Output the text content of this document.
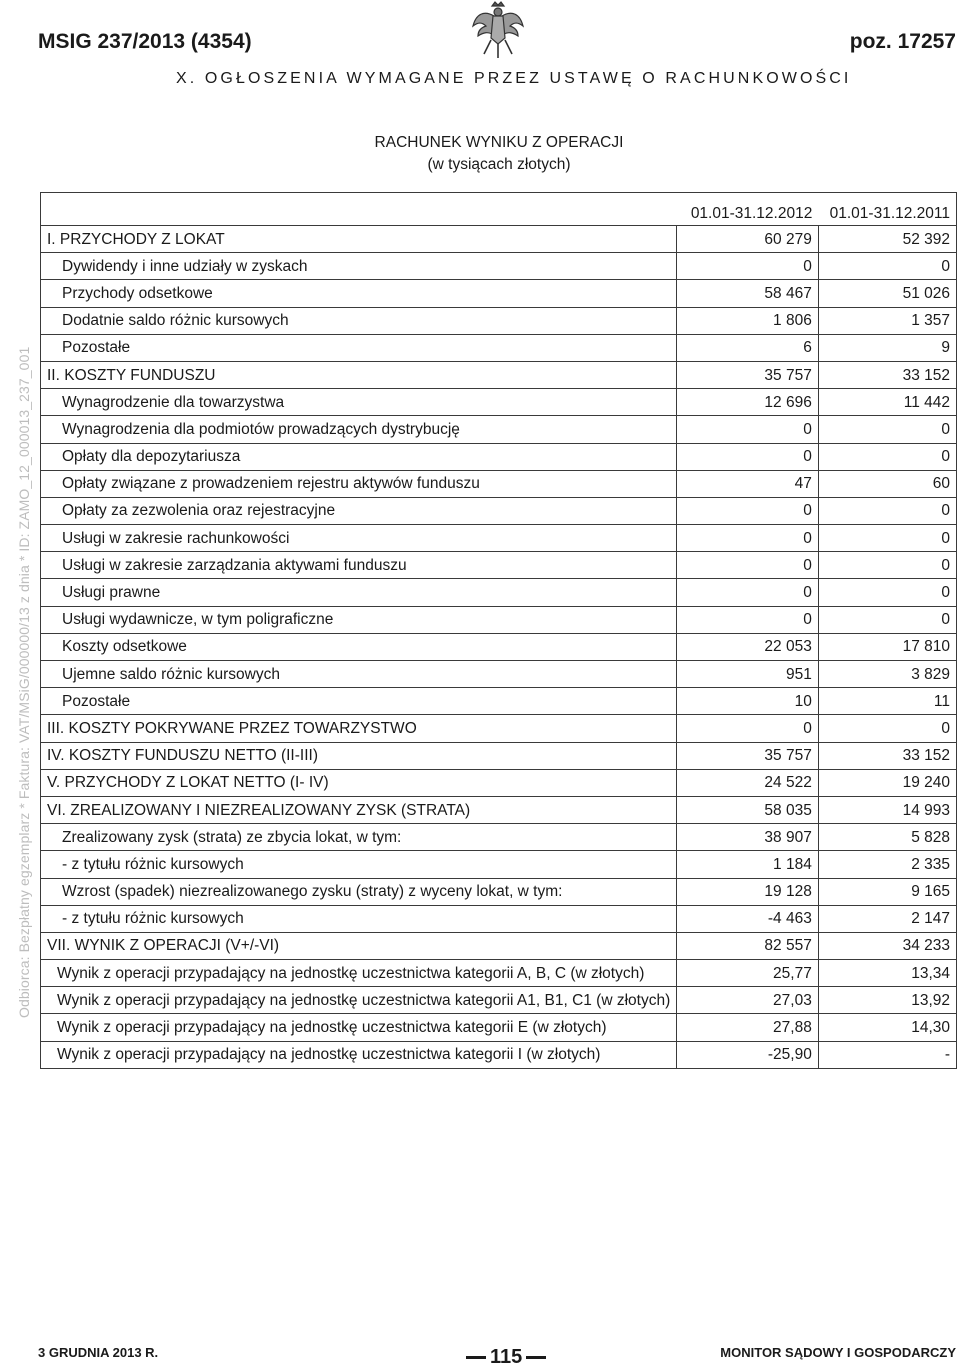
MSIG 237/2013 (4354)	poz. 17257
X. OGŁOSZENIA WYMAGANE PRZEZ USTAWĘ O RACHUNKOWOŚCI
Odbiorca: Bezpłatny egzemplarz * Faktura: VAT/MSiG/000000/13 z dnia * ID: ZAMO_12_000013_237_001
RACHUNEK WYNIKU Z OPERACJI
(w tysiącach złotych)
	01.01-31.12.2012	01.01-31.12.2011
I. PRZYCHODY Z LOKAT	60 279	52 392
Dywidendy i inne udziały w zyskach	0	0
Przychody odsetkowe	58 467	51 026
Dodatnie saldo różnic kursowych	1 806	1 357
Pozostałe	6	9
II. KOSZTY FUNDUSZU	35 757	33 152
Wynagrodzenie dla towarzystwa	12 696	11 442
Wynagrodzenia dla podmiotów prowadzących dystrybucję	0	0
Opłaty dla depozytariusza	0	0
Opłaty związane z prowadzeniem rejestru aktywów funduszu	47	60
Opłaty za zezwolenia oraz rejestracyjne	0	0
Usługi w zakresie rachunkowości	0	0
Usługi w zakresie zarządzania aktywami funduszu	0	0
Usługi prawne	0	0
Usługi wydawnicze, w tym poligraficzne	0	0
Koszty odsetkowe	22 053	17 810
Ujemne saldo różnic kursowych	951	3 829
Pozostałe	10	11
III. KOSZTY POKRYWANE PRZEZ TOWARZYSTWO	0	0
IV. KOSZTY FUNDUSZU NETTO (II-III)	35 757	33 152
V. PRZYCHODY Z LOKAT NETTO (I- IV)	24 522	19 240
VI. ZREALIZOWANY I NIEZREALIZOWANY ZYSK (STRATA)	58 035	14 993
Zrealizowany zysk (strata) ze zbycia lokat, w tym:	38 907	5 828
- z tytułu różnic kursowych	1 184	2 335
Wzrost (spadek) niezrealizowanego zysku (straty) z wyceny lokat, w tym:	19 128	9 165
- z tytułu różnic kursowych	-4 463	2 147
VII. WYNIK Z OPERACJI (V+/-VI)	82 557	34 233
Wynik z operacji przypadający na jednostkę uczestnictwa kategorii A, B, C (w złotych)	25,77	13,34
Wynik z operacji przypadający na jednostkę uczestnictwa kategorii A1, B1, C1 (w złotych)	27,03	13,92
Wynik z operacji przypadający na jednostkę uczestnictwa kategorii E (w złotych)	27,88	14,30
Wynik z operacji przypadający na jednostkę uczestnictwa kategorii I (w złotych)	-25,90	-
3 GRUDNIA 2013 R.	115	MONITOR SĄDOWY I GOSPODARCZY
